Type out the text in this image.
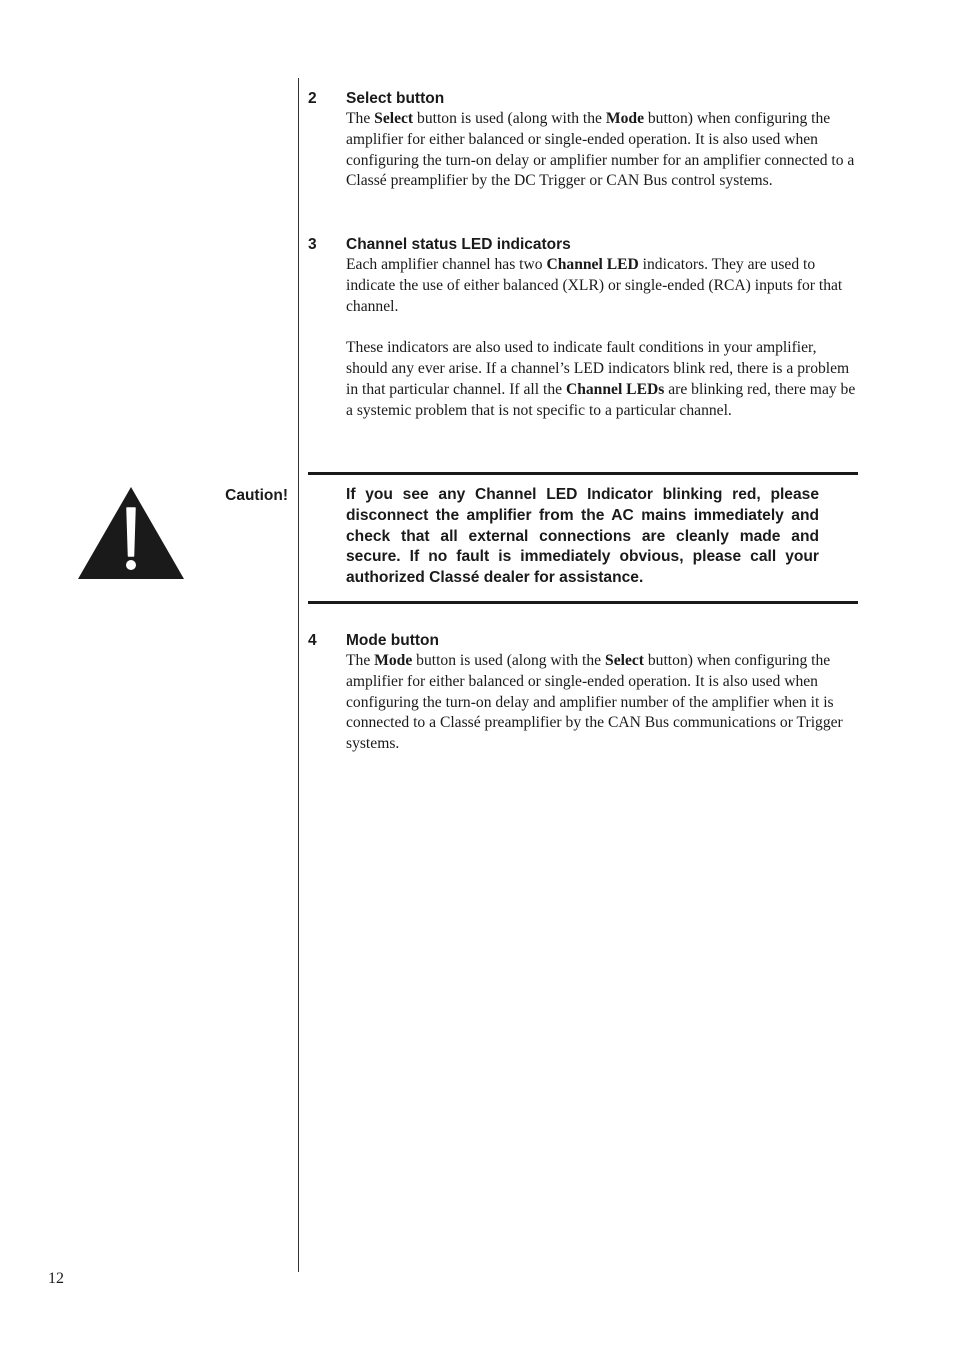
2 Select button

The Select button is used (along with the Mode button) when configuring the amplifier for either balanced or single-ended operation. It is also used when configuring the turn-on delay or amplifier number for an amplifier connected to a Classé preamplifier by the DC Trigger or CAN Bus control systems.

3 Channel status LED indicators

Each amplifier channel has two Channel LED indicators. They are used to indicate the use of either balanced (XLR) or single-ended (RCA) inputs for that channel.

These indicators are also used to indicate fault conditions in your amplifier, should any ever arise. If a channel’s LED indicators blink red, there is a problem in that particular channel. If all the Channel LEDs are blinking red, there may be a systemic problem that is not specific to a particular channel.

Caution!	If you see any Channel LED Indicator blinking red, please disconnect the amplifier from the AC mains immediately and check that all external connections are cleanly made and secure. If no fault is immediately obvious, please call your authorized Classé dealer for assistance.
4 Mode button

The Mode button is used (along with the Select button) when configuring the amplifier for either balanced or single-ended operation. It is also used when configuring the turn-on delay and amplifier number of the amplifier when it is connected to a Classé preamplifier by the CAN Bus communications or Trigger systems.

12
